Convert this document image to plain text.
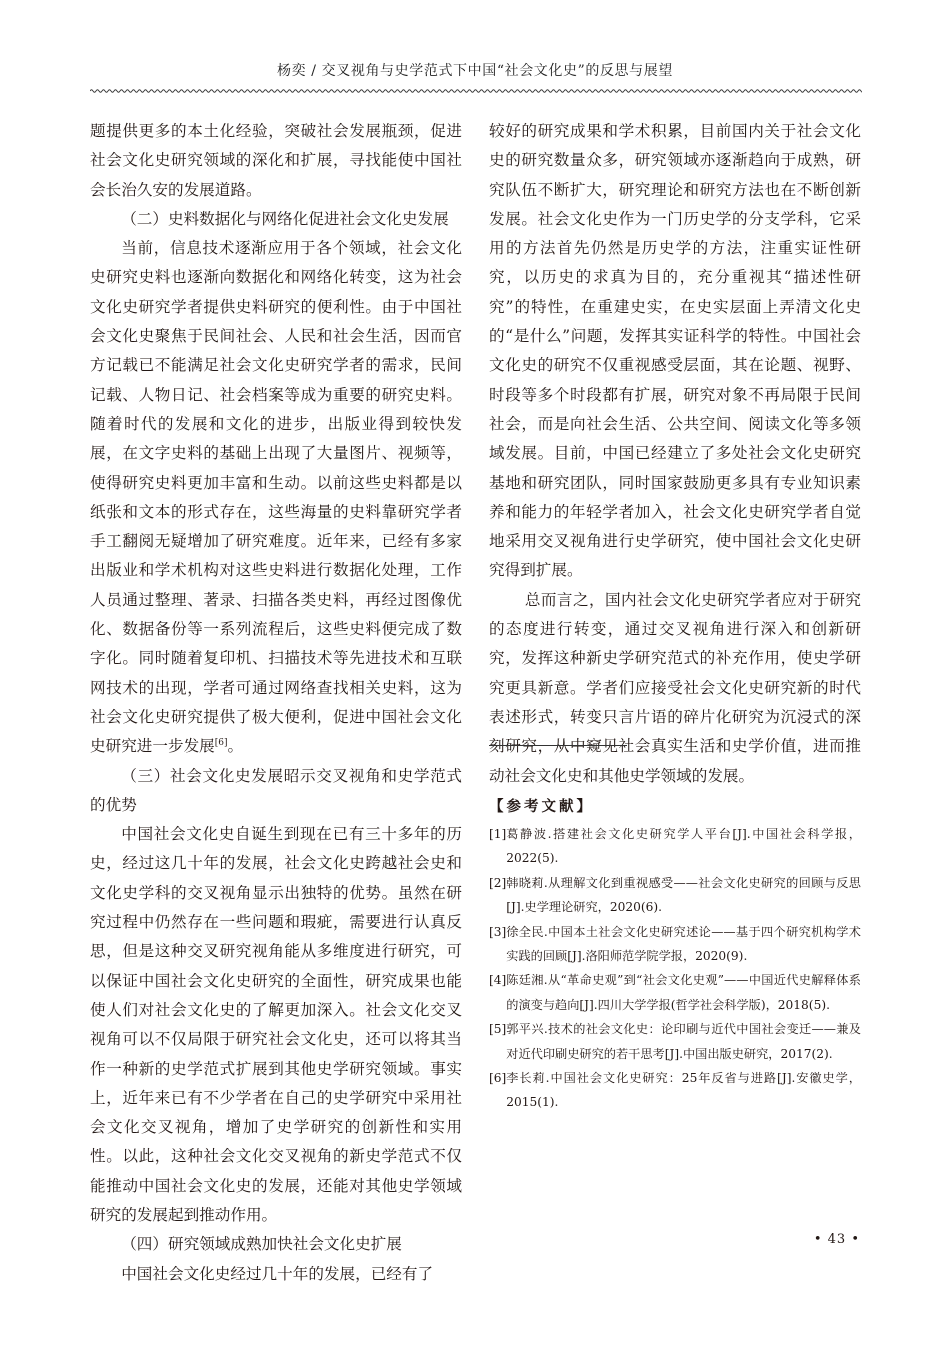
杨奕 / 交叉视角与史学范式下中国“社会文化史”的反思与展望

题提供更多的本土化经验，突破社会发展瓶颈，促进社会文化史研究领域的深化和扩展，寻找能使中国社会长治久安的发展道路。

（二）史料数据化与网络化促进社会文化史发展

当前，信息技术逐渐应用于各个领域，社会文化史研究史料也逐渐向数据化和网络化转变，这为社会文化史研究学者提供史料研究的便利性。由于中国社会文化史聚焦于民间社会、人民和社会生活，因而官方记载已不能满足社会文化史研究学者的需求，民间记载、人物日记、社会档案等成为重要的研究史料。随着时代的发展和文化的进步，出版业得到较快发展，在文字史料的基础上出现了大量图片、视频等，使得研究史料更加丰富和生动。以前这些史料都是以纸张和文本的形式存在，这些海量的史料靠研究学者手工翻阅无疑增加了研究难度。近年来，已经有多家出版业和学术机构对这些史料进行数据化处理，工作人员通过整理、著录、扫描各类史料，再经过图像优化、数据备份等一系列流程后，这些史料便完成了数字化。同时随着复印机、扫描技术等先进技术和互联网技术的出现，学者可通过网络查找相关史料，这为社会文化史研究提供了极大便利，促进中国社会文化史研究进一步发展[6]。

（三）社会文化史发展昭示交叉视角和史学范式的优势

中国社会文化史自诞生到现在已有三十多年的历史，经过这几十年的发展，社会文化史跨越社会史和文化史学科的交叉视角显示出独特的优势。虽然在研究过程中仍然存在一些问题和瑕疵，需要进行认真反思，但是这种交叉研究视角能从多维度进行研究，可以保证中国社会文化史研究的全面性，研究成果也能使人们对社会文化史的了解更加深入。社会文化交叉视角可以不仅局限于研究社会文化史，还可以将其当作一种新的史学范式扩展到其他史学研究领域。事实上，近年来已有不少学者在自己的史学研究中采用社会文化交叉视角，增加了史学研究的创新性和实用性。以此，这种社会文化交叉视角的新史学范式不仅能推动中国社会文化史的发展，还能对其他史学领域研究的发展起到推动作用。

（四）研究领域成熟加快社会文化史扩展

中国社会文化史经过几十年的发展，已经有了

较好的研究成果和学术积累，目前国内关于社会文化史的研究数量众多，研究领域亦逐渐趋向于成熟，研究队伍不断扩大，研究理论和研究方法也在不断创新发展。社会文化史作为一门历史学的分支学科，它采用的方法首先仍然是历史学的方法，注重实证性研究，以历史的求真为目的，充分重视其“描述性研究”的特性，在重建史实，在史实层面上弄清文化史的“是什么”问题，发挥其实证科学的特性。中国社会文化史的研究不仅重视感受层面，其在论题、视野、时段等多个时段都有扩展，研究对象不再局限于民间社会，而是向社会生活、公共空间、阅读文化等多领域发展。目前，中国已经建立了多处社会文化史研究基地和研究团队，同时国家鼓励更多具有专业知识素养和能力的年轻学者加入，社会文化史研究学者自觉地采用交叉视角进行史学研究，使中国社会文化史研究得到扩展。

总而言之，国内社会文化史研究学者应对于研究的态度进行转变，通过交叉视角进行深入和创新研究，发挥这种新史学研究范式的补充作用，使史学研究更具新意。学者们应接受社会文化史研究新的时代表述形式，转变只言片语的碎片化研究为沉浸式的深刻研究，从中窥见社会真实生活和史学价值，进而推动社会文化史和其他史学领域的发展。

【参考文献】
[1] 葛静波.搭建社会文化史研究学人平台[J].中国社会科学报，2022(5).
[2] 韩晓莉.从理解文化到重视感受——社会文化史研究的回顾与反思[J].史学理论研究，2020(6).
[3] 徐全民.中国本土社会文化史研究述论——基于四个研究机构学术实践的回顾[J].洛阳师范学院学报，2020(9).
[4] 陈廷湘.从“革命史观”到“社会文化史观”——中国近代史解释体系的演变与趋向[J].四川大学学报(哲学社会科学版)，2018(5).
[5] 郭平兴.技术的社会文化史：论印刷与近代中国社会变迁——兼及对近代印刷史研究的若干思考[J].中国出版史研究，2017(2).
[6] 李长莉.中国社会文化史研究：25年反省与进路[J].安徽史学，2015(1).
• 43 •
